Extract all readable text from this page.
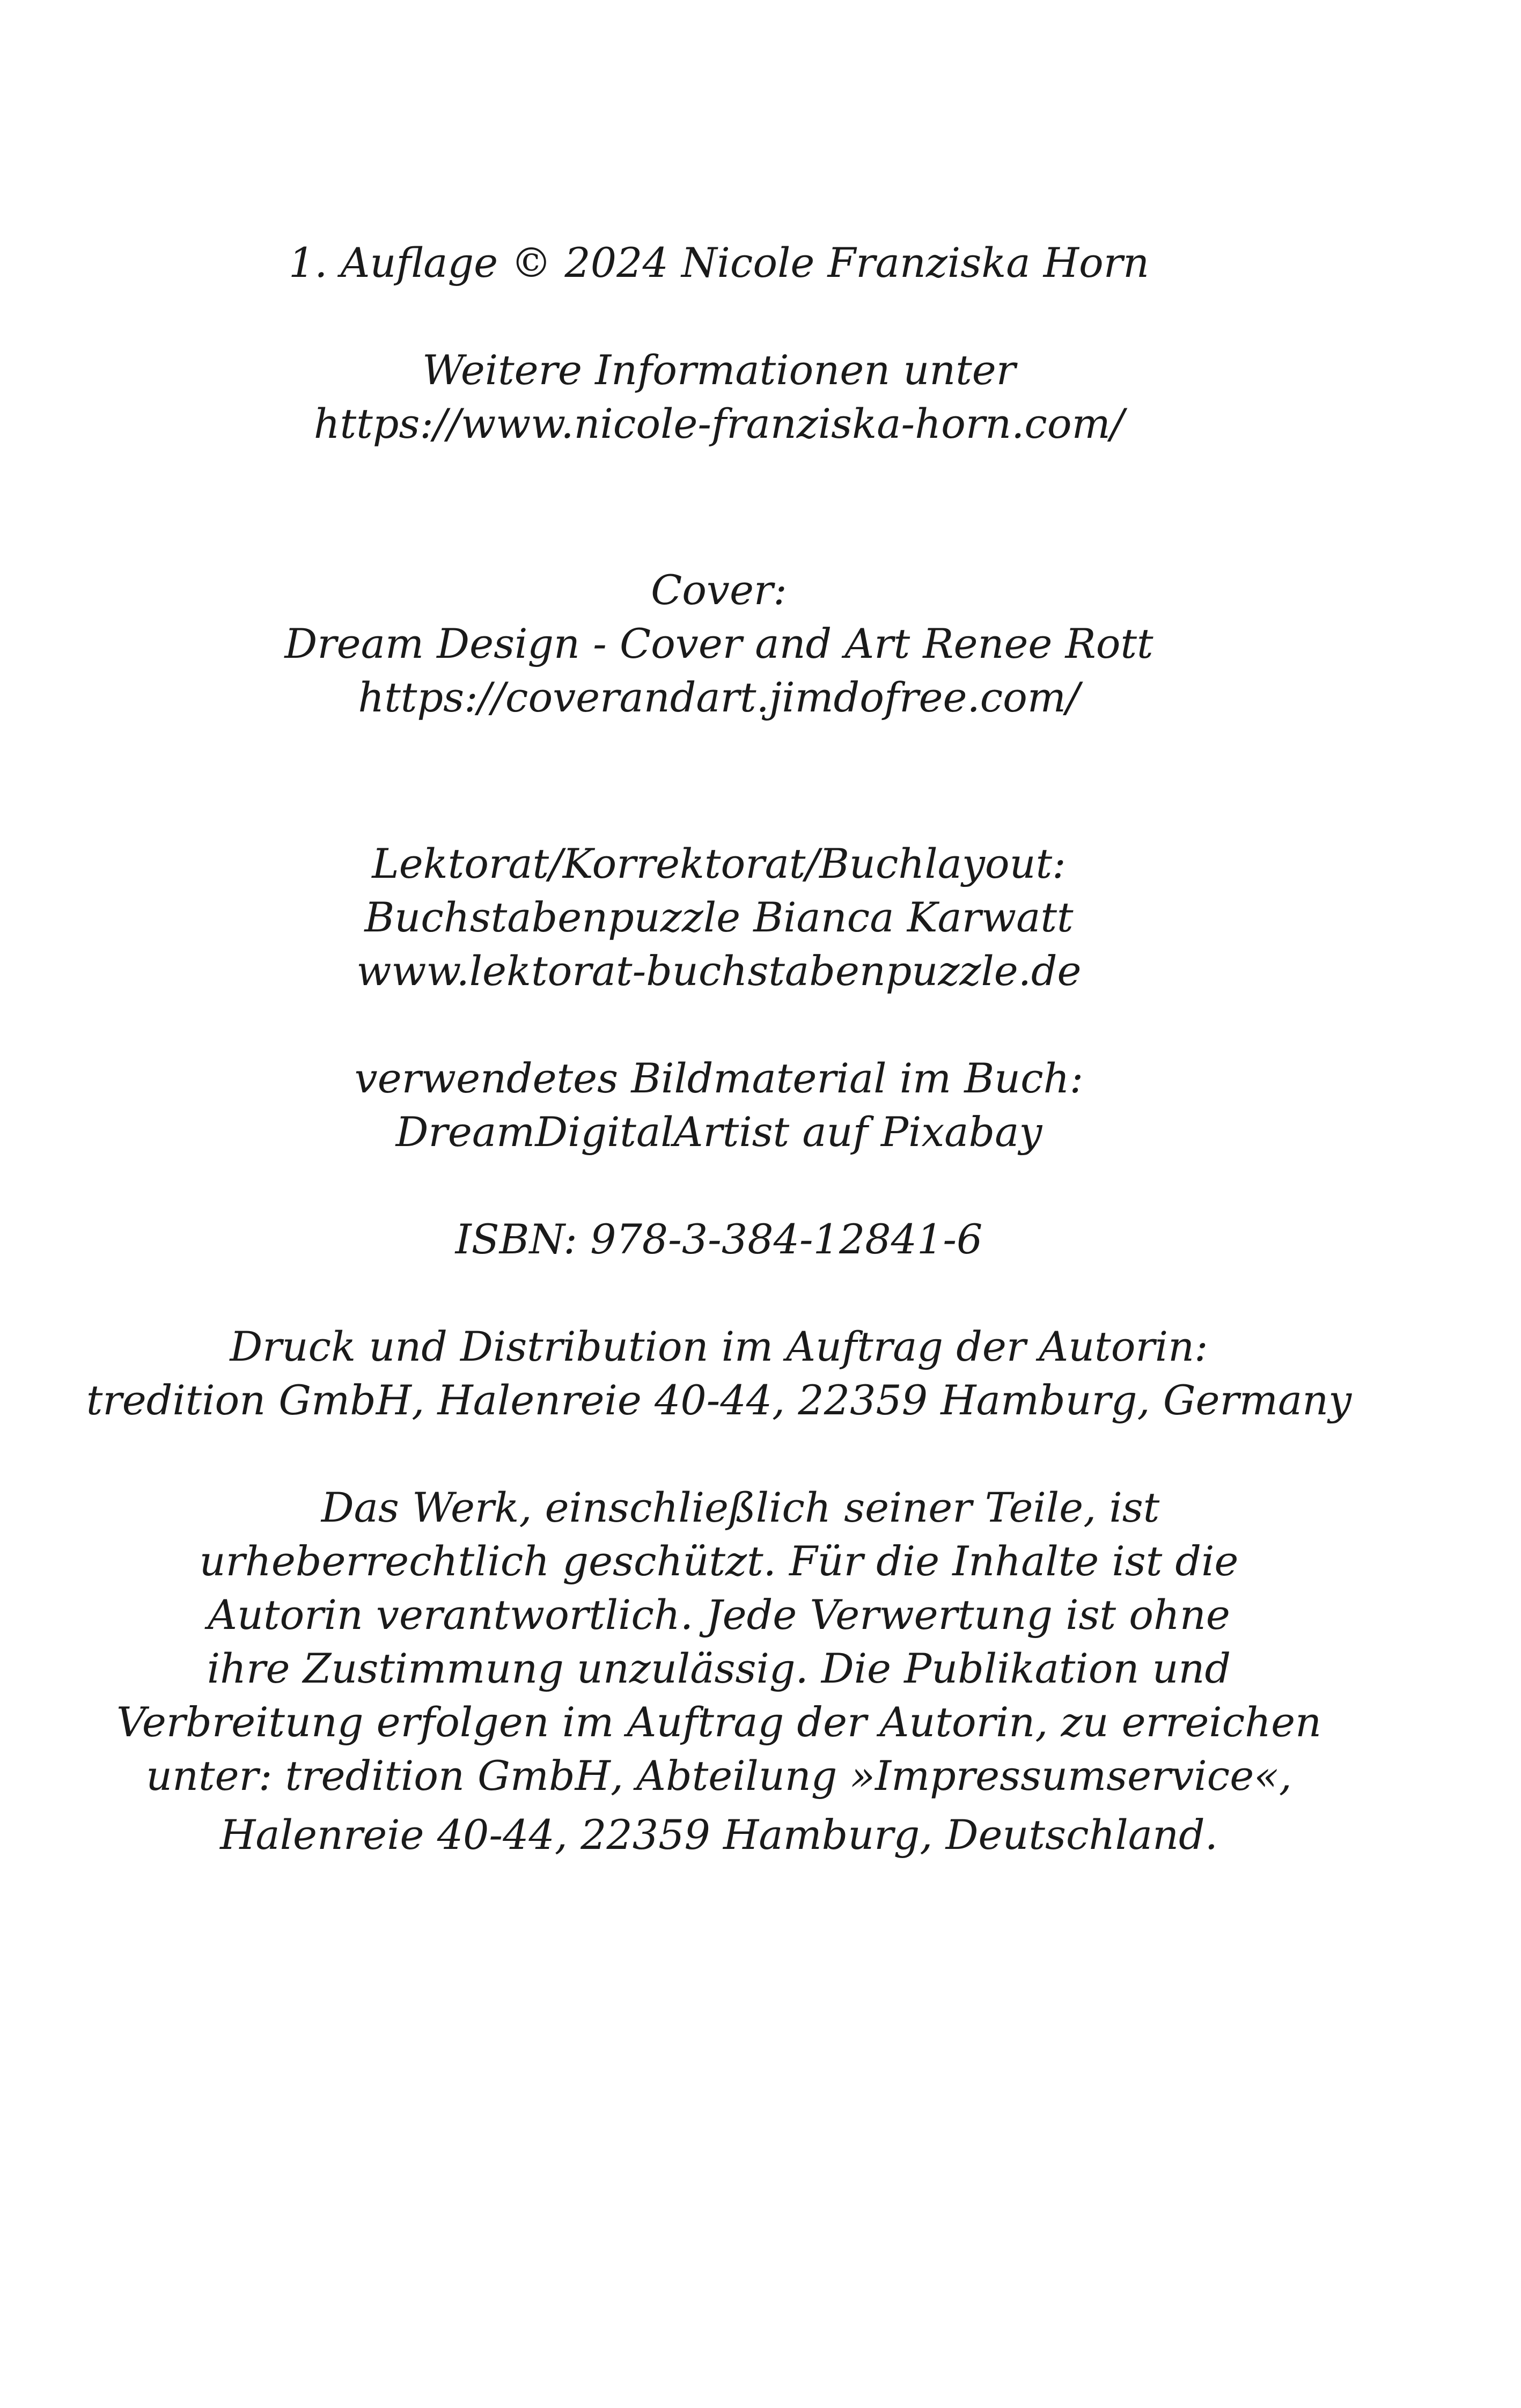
1. Auflage © 2024 Nicole Franziska Horn
Weitere Informationen unter
https://www.nicole-franziska-horn.com/
Cover:
Dream Design - Cover and Art Renee Rott
https://coverandart.jimdofree.com/
Lektorat/Korrektorat/Buchlayout:
Buchstabenpuzzle Bianca Karwatt
www.lektorat-buchstabenpuzzle.de
verwendetes Bildmaterial im Buch:
DreamDigitalArtist auf Pixabay
ISBN: 978-3-384-12841-6
Druck und Distribution im Auftrag der Autorin:
tredition GmbH, Halenreie 40-44, 22359 Hamburg, Germany
Das Werk, einschließlich seiner Teile, ist
urheberrechtlich geschützt. Für die Inhalte ist die
Autorin verantwortlich. Jede Verwertung ist ohne
ihre Zustimmung unzulässig. Die Publikation und
Verbreitung erfolgen im Auftrag der Autorin, zu erreichen
unter: tredition GmbH, Abteilung »Impressumservice«,
Halenreie 40-44, 22359 Hamburg, Deutschland.
